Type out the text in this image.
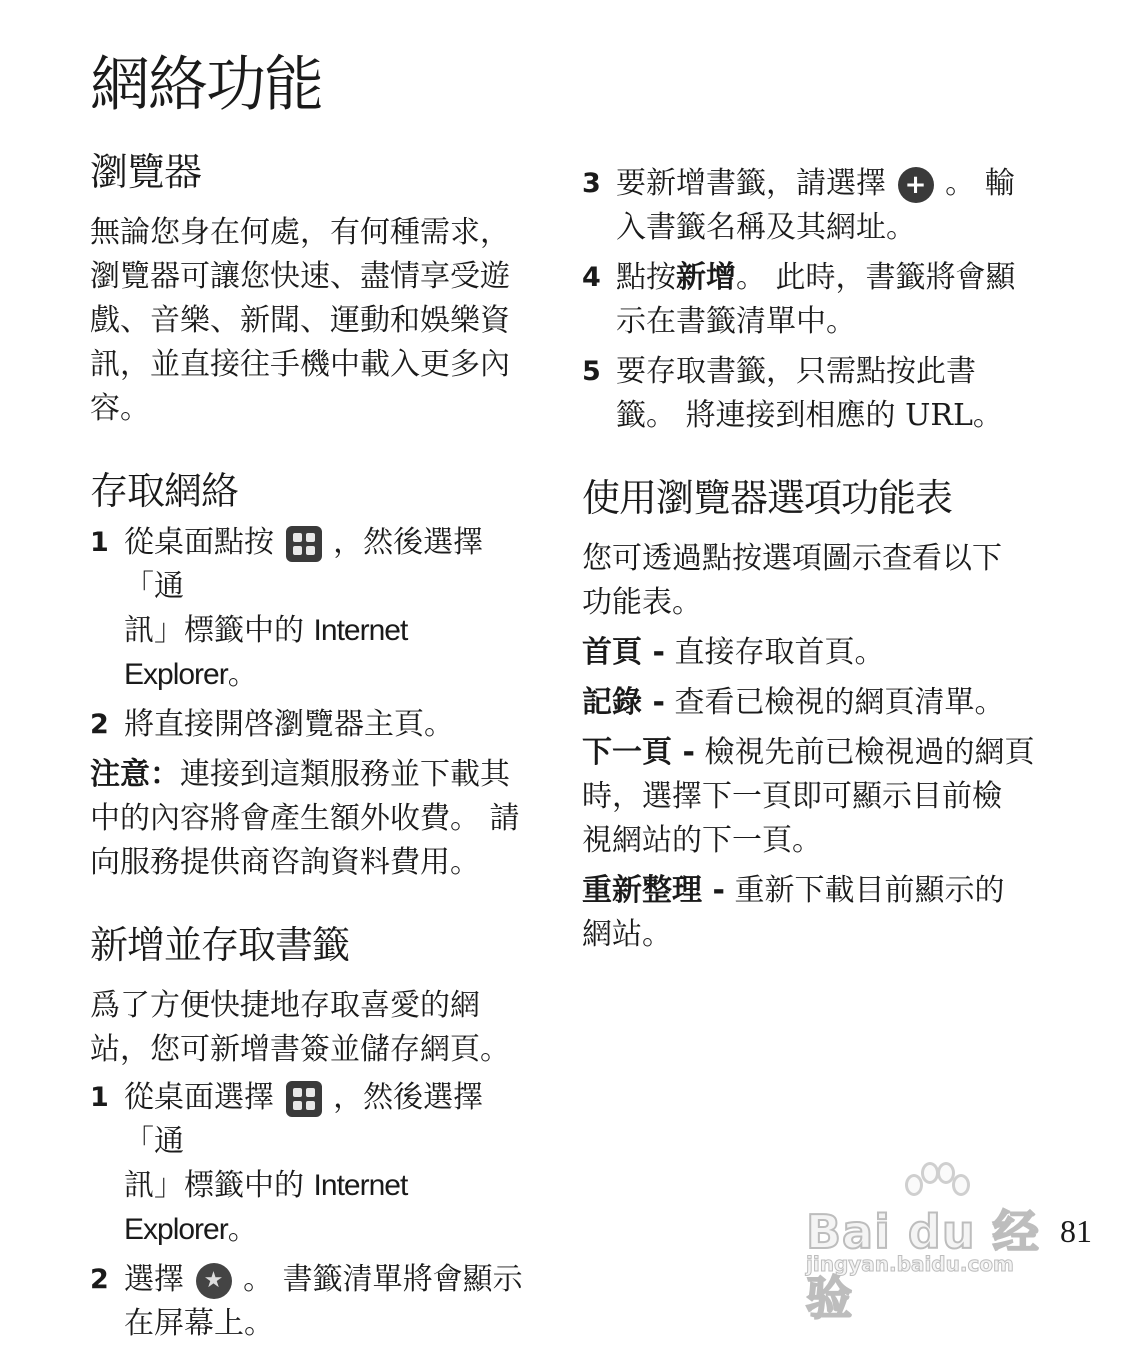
網絡功能
瀏覽器

無論您身在何處，有何種需求，

瀏覽器可讓您快速、盡情享受遊

戲、音樂、新聞、運動和娛樂資

訊，並直接往手機中載入更多內

容。

存取網絡
1 從桌面點按 ，然後選擇「通
訊」標籤中的 Internet Explorer。
2 將直接開啓瀏覽器主頁。

注意：連接到這類服務並下載其

中的內容將會產生額外收費。 請

向服務提供商咨詢資料費用。

新增並存取書籤

爲了方便快捷地存取喜愛的網

站，您可新增書簽並儲存網頁。

1 從桌面選擇 ，然後選擇「通
訊」標籤中的 Internet Explorer。
2 選擇 ★ 。 書籤清單將會顯示
在屏幕上。
3 要新增書籤，請選擇 + 。 輸
入書籤名稱及其網址。
4 點按新增。 此時，書籤將會顯
示在書籤清單中。
5 要存取書籤，只需點按此書
籤。 將連接到相應的 URL。
使用瀏覽器選項功能表

您可透過點按選項圖示查看以下

功能表。

首頁 - 直接存取首頁。

記錄 - 查看已檢視的網頁清單。

下一頁 - 檢視先前已檢視過的網頁

時，選擇下一頁即可顯示目前檢

視網站的下一頁。

重新整理 - 重新下載目前顯示的

網站。

Bai du 经验
jingyan.baidu.com
81
